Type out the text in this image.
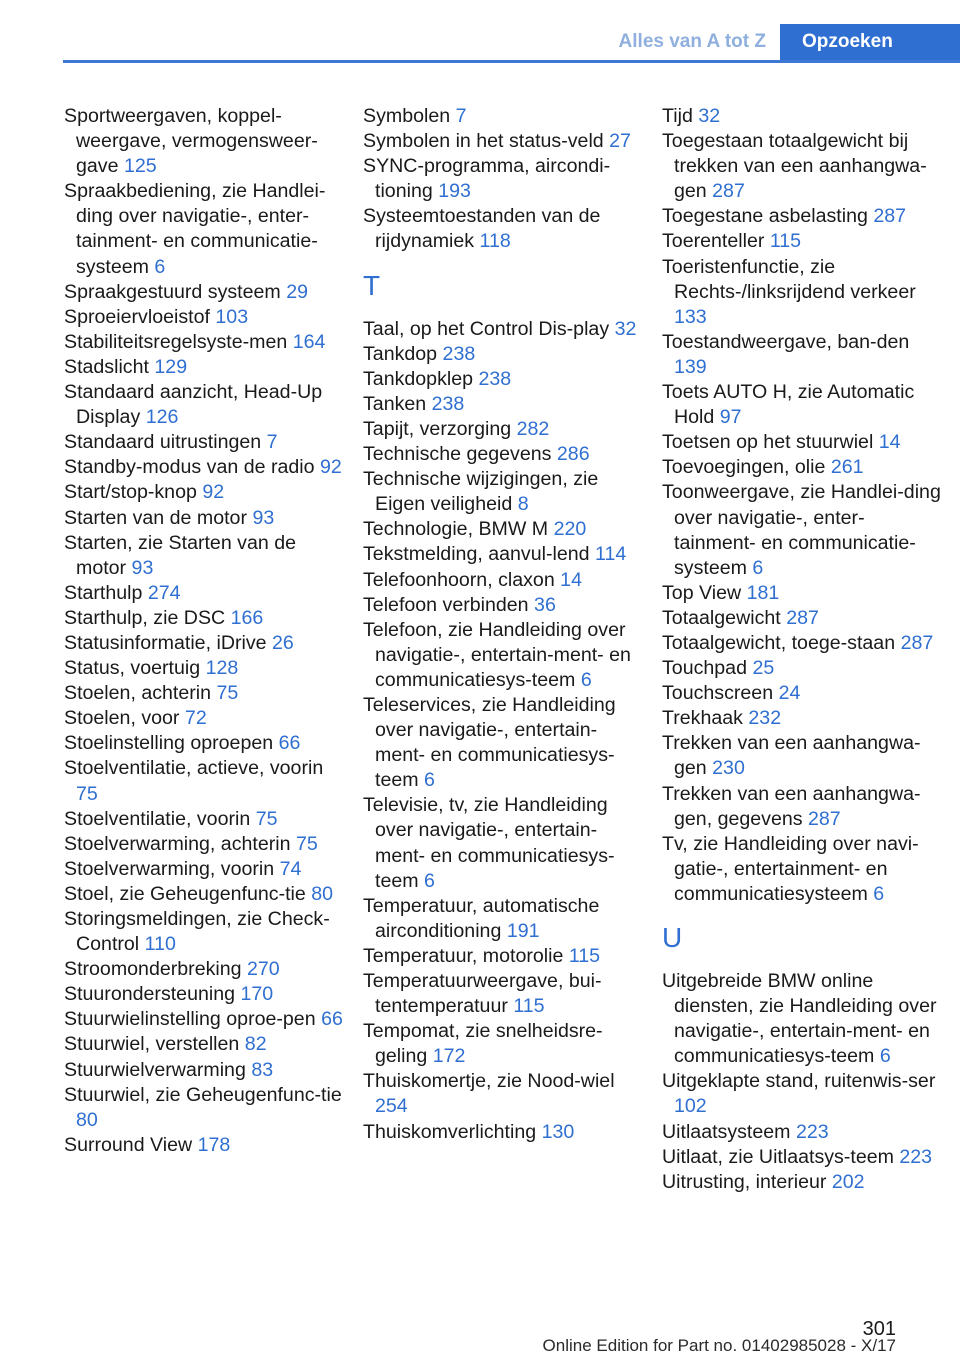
Alles van A tot Z	Opzoeken

Sportweergaven, koppel-weergave, vermogensweer-gave 125

Spraakbediening, zie Handlei-ding over navigatie-, enter-tainment- en communicatie-systeem 6

Spraakgestuurd systeem 29

Sproeiervloeistof 103

Stabiliteitsregelsyste-men 164

Stadslicht 129

Standaard aanzicht, Head-Up Display 126

Standaard uitrustingen 7

Standby-modus van de radio 92

Start/stop-knop 92

Starten van de motor 93

Starten, zie Starten van de motor 93

Starthulp 274

Starthulp, zie DSC 166

Statusinformatie, iDrive 26

Status, voertuig 128

Stoelen, achterin 75

Stoelen, voor 72

Stoelinstelling oproepen 66

Stoelventilatie, actieve, voorin 75

Stoelventilatie, voorin 75

Stoelverwarming, achterin 75

Stoelverwarming, voorin 74

Stoel, zie Geheugenfunc-tie 80

Storingsmeldingen, zie Check-Control 110

Stroomonderbreking 270

Stuurondersteuning 170

Stuurwielinstelling oproe-pen 66

Stuurwiel, verstellen 82

Stuurwielverwarming 83

Stuurwiel, zie Geheugenfunc-tie 80

Surround View 178

Symbolen 7

Symbolen in het status-veld 27

SYNC-programma, aircondi-tioning 193

Systeemtoestanden van de rijdynamiek 118

T

Taal, op het Control Dis-play 32

Tankdop 238

Tankdopklep 238

Tanken 238

Tapijt, verzorging 282

Technische gegevens 286

Technische wijzigingen, zie Eigen veiligheid 8

Technologie, BMW M 220

Tekstmelding, aanvul-lend 114

Telefoonhoorn, claxon 14

Telefoon verbinden 36

Telefoon, zie Handleiding over navigatie-, entertain-ment- en communicatiesys-teem 6

Teleservices, zie Handleiding over navigatie-, entertain-ment- en communicatiesys-teem 6

Televisie, tv, zie Handleiding over navigatie-, entertain-ment- en communicatiesys-teem 6

Temperatuur, automatische airconditioning 191

Temperatuur, motorolie 115

Temperatuurweergave, bui-tentemperatuur 115

Tempomat, zie snelheidsre-geling 172

Thuiskomertje, zie Nood-wiel 254

Thuiskomverlichting 130

Tijd 32

Toegestaan totaalgewicht bij trekken van een aanhangwa-gen 287

Toegestane asbelasting 287

Toerenteller 115

Toeristenfunctie, zie Rechts-/linksrijdend verkeer 133

Toestandweergave, ban-den 139

Toets AUTO H, zie Automatic Hold 97

Toetsen op het stuurwiel 14

Toevoegingen, olie 261

Toonweergave, zie Handlei-ding over navigatie-, enter-tainment- en communicatie-systeem 6

Top View 181

Totaalgewicht 287

Totaalgewicht, toege-staan 287

Touchpad 25

Touchscreen 24

Trekhaak 232

Trekken van een aanhangwa-gen 230

Trekken van een aanhangwa-gen, gegevens 287

Tv, zie Handleiding over navi-gatie-, entertainment- en communicatiesysteem 6

U

Uitgebreide BMW online diensten, zie Handleiding over navigatie-, entertain-ment- en communicatiesys-teem 6

Uitgeklapte stand, ruitenwis-ser 102

Uitlaatsysteem 223

Uitlaat, zie Uitlaatsys-teem 223

Uitrusting, interieur 202

301
Online Edition for Part no. 01402985028 - X/17
